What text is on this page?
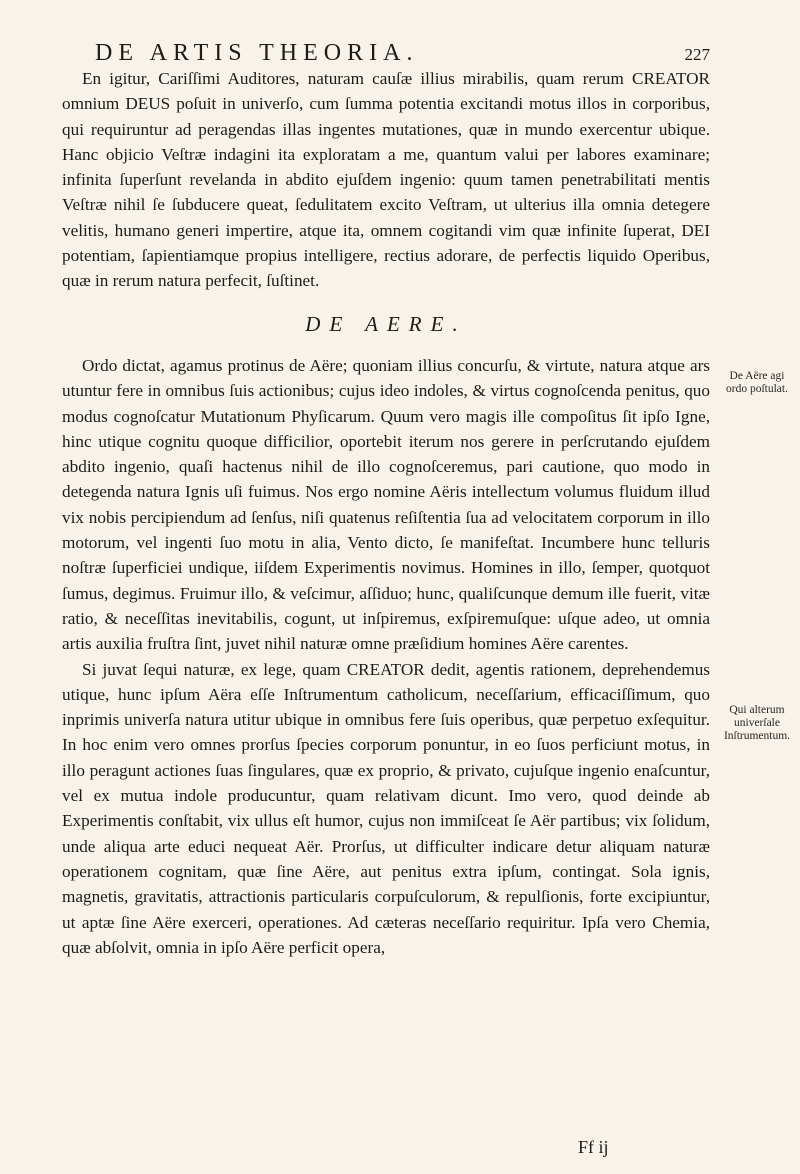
DE ARTIS THEORIA.	227

En igitur, Cariſſimi Auditores, naturam cauſæ illius mirabilis, quam rerum CREATOR omnium DEUS poſuit in univerſo, cum ſumma potentia excitandi motus illos in corporibus, qui requiruntur ad peragendas illas ingentes mutationes, quæ in mundo exercentur ubique. Hanc objicio Veſtræ indagini ita exploratam a me, quantum valui per labores examinare; infinita ſuperſunt revelanda in abdito ejuſdem ingenio: quum tamen penetrabilitati mentis Veſtræ nihil ſe ſubducere queat, ſedulitatem excito Veſtram, ut ulterius illa omnia detegere velitis, humano generi impertire, atque ita, omnem cogitandi vim quæ infinite ſuperat, DEI potentiam, ſapientiamque propius intelligere, rectius adorare, de perfectis liquido Operibus, quæ in rerum natura perfecit, ſuſtinet.

DE AERE.

Ordo dictat, agamus protinus de Aëre; quoniam illius concurſu, & virtute, natura atque ars utuntur fere in omnibus ſuis actionibus; cujus ideo indoles, & virtus cognoſcenda penitus, quo modus cognoſcatur Mutationum Phyſicarum. Quum vero magis ille compoſitus ſit ipſo Igne, hinc utique cognitu quoque difficilior, oportebit iterum nos gerere in perſcrutando ejuſdem abdito ingenio, quaſi hactenus nihil de illo cognoſceremus, pari cautione, quo modo in detegenda natura Ignis uſi fuimus. Nos ergo nomine Aëris intellectum volumus fluidum illud vix nobis percipiendum ad ſenſus, niſi quatenus reſiſtentia ſua ad velocitatem corporum in illo motorum, vel ingenti ſuo motu in alia, Vento dicto, ſe manifeſtat. Incumbere hunc telluris noſtræ ſuperficiei undique, iiſdem Experimentis novimus. Homines in illo, ſemper, quotquot ſumus, degimus. Fruimur illo, & veſcimur, aſſiduo; hunc, qualiſcunque demum ille fuerit, vitæ ratio, & neceſſitas inevitabilis, cogunt, ut inſpiremus, exſpiremuſque: uſque adeo, ut omnia artis auxilia fruſtra ſint, juvet nihil naturæ omne præſidium homines Aëre carentes.

Si juvat ſequi naturæ, ex lege, quam CREATOR dedit, agentis rationem, deprehendemus utique, hunc ipſum Aëra eſſe Inſtrumentum catholicum, neceſſarium, efficaciſſimum, quo inprimis univerſa natura utitur ubique in omnibus fere ſuis operibus, quæ perpetuo exſequitur. In hoc enim vero omnes prorſus ſpecies corporum ponuntur, in eo ſuos perficiunt motus, in illo peragunt actiones ſuas ſingulares, quæ ex proprio, & privato, cujuſque ingenio enaſcuntur, vel ex mutua indole producuntur, quam relativam dicunt. Imo vero, quod deinde ab Experimentis conſtabit, vix ullus eſt humor, cujus non immiſceat ſe Aër partibus; vix ſolidum, unde aliqua arte educi nequeat Aër. Prorſus, ut difficulter indicare detur aliquam naturæ operationem cognitam, quæ ſine Aëre, aut penitus extra ipſum, contingat. Sola ignis, magnetis, gravitatis, attractionis particularis corpuſculorum, & repulſionis, forte excipiuntur, ut aptæ ſine Aëre exerceri, operationes. Ad cæteras neceſſario requiritur. Ipſa vero Chemia, quæ abſolvit, omnia in ipſo Aëre perficit opera,

De Aëre agi ordo poſtulat.
Qui alterum univerſale Inſtrumentum.
Ff ij
